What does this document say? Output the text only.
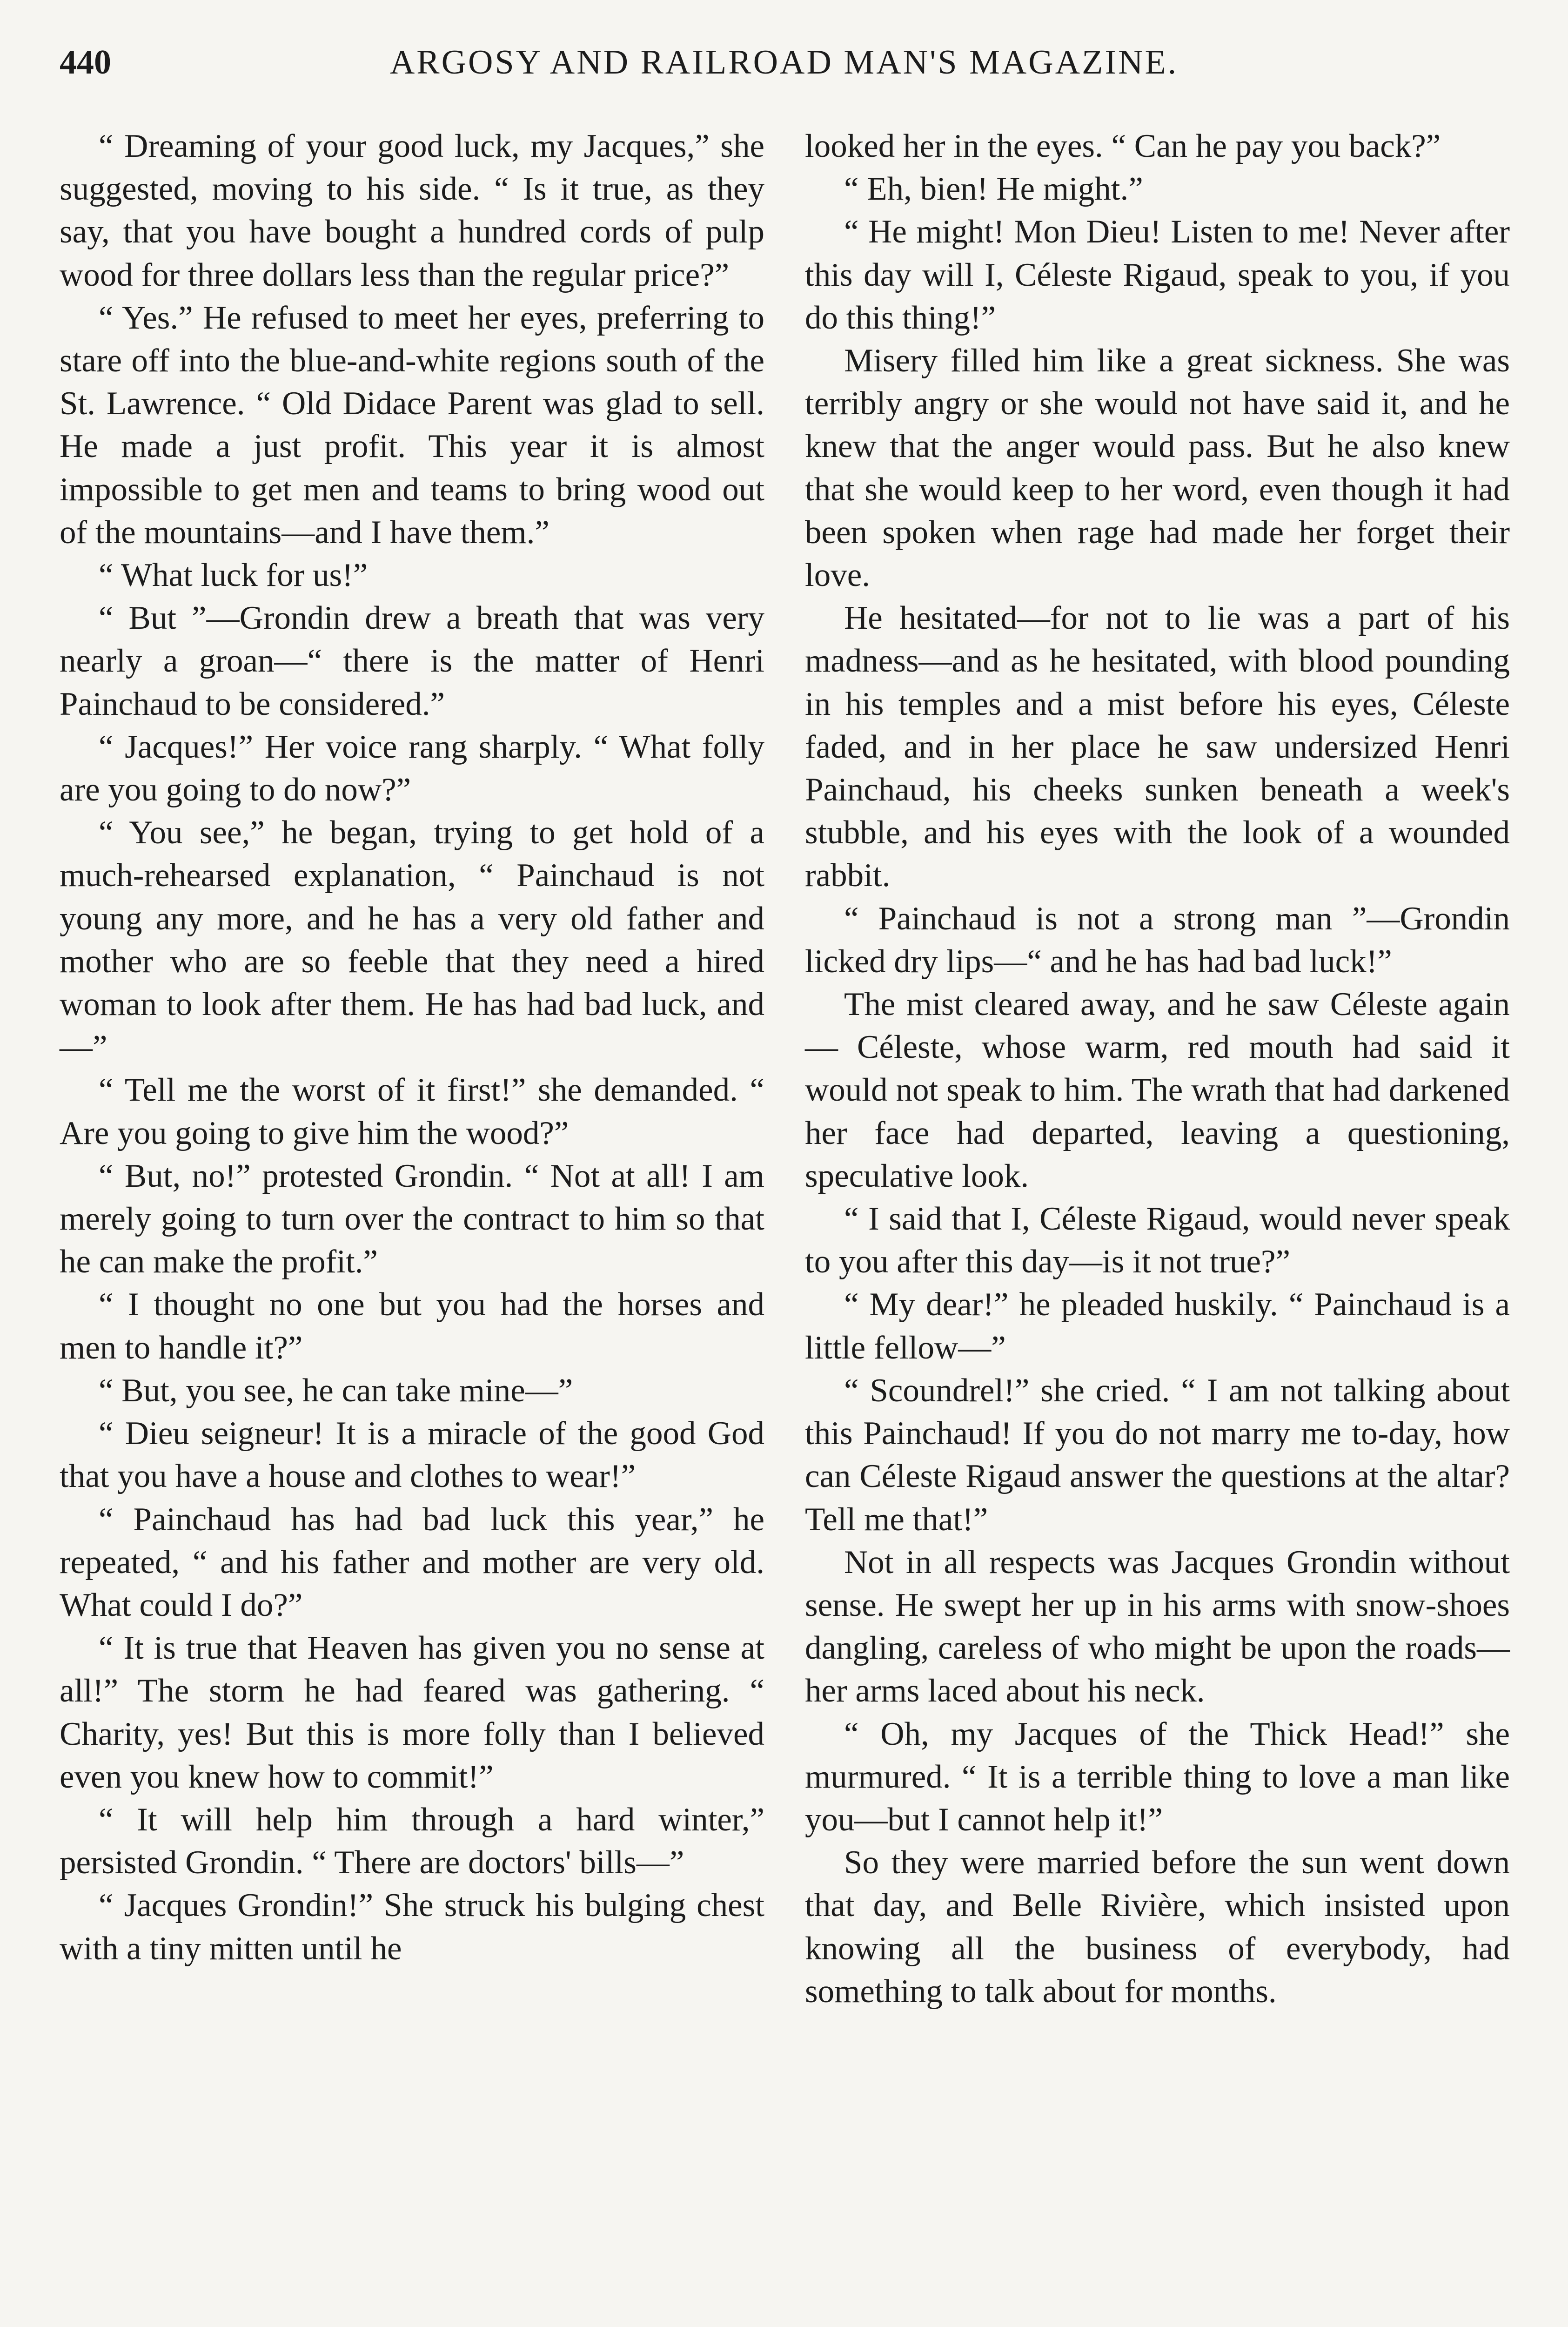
440	ARGOSY AND RAILROAD MAN'S MAGAZINE.

“ Dreaming of your good luck, my Jacques,” she suggested, moving to his side. “ Is it true, as they say, that you have bought a hundred cords of pulp wood for three dollars less than the regular price?”

“ Yes.” He refused to meet her eyes, preferring to stare off into the blue-and-white regions south of the St. Lawrence. “ Old Didace Parent was glad to sell. He made a just profit. This year it is almost impossible to get men and teams to bring wood out of the mountains—and I have them.”

“ What luck for us!”

“ But ”—Grondin drew a breath that was very nearly a groan—“ there is the matter of Henri Painchaud to be considered.”

“ Jacques!” Her voice rang sharply. “ What folly are you going to do now?”

“ You see,” he began, trying to get hold of a much-rehearsed explanation, “ Painchaud is not young any more, and he has a very old father and mother who are so feeble that they need a hired woman to look after them. He has had bad luck, and—”

“ Tell me the worst of it first!” she demanded. “ Are you going to give him the wood?”

“ But, no!” protested Grondin. “ Not at all! I am merely going to turn over the contract to him so that he can make the profit.”

“ I thought no one but you had the horses and men to handle it?”

“ But, you see, he can take mine—”

“ Dieu seigneur! It is a miracle of the good God that you have a house and clothes to wear!”

“ Painchaud has had bad luck this year,” he repeated, “ and his father and mother are very old. What could I do?”

“ It is true that Heaven has given you no sense at all!” The storm he had feared was gathering. “ Charity, yes! But this is more folly than I believed even you knew how to commit!”

“ It will help him through a hard winter,” persisted Grondin. “ There are doctors' bills—”

“ Jacques Grondin!” She struck his bulging chest with a tiny mitten until he

looked her in the eyes. “ Can he pay you back?”

“ Eh, bien! He might.”

“ He might! Mon Dieu! Listen to me! Never after this day will I, Céleste Rigaud, speak to you, if you do this thing!”

Misery filled him like a great sickness. She was terribly angry or she would not have said it, and he knew that the anger would pass. But he also knew that she would keep to her word, even though it had been spoken when rage had made her forget their love.

He hesitated—for not to lie was a part of his madness—and as he hesitated, with blood pounding in his temples and a mist before his eyes, Céleste faded, and in her place he saw undersized Henri Painchaud, his cheeks sunken beneath a week's stubble, and his eyes with the look of a wounded rabbit.

“ Painchaud is not a strong man ”—Grondin licked dry lips—“ and he has had bad luck!”

The mist cleared away, and he saw Céleste again — Céleste, whose warm, red mouth had said it would not speak to him. The wrath that had darkened her face had departed, leaving a questioning, speculative look.

“ I said that I, Céleste Rigaud, would never speak to you after this day—is it not true?”

“ My dear!” he pleaded huskily. “ Painchaud is a little fellow—”

“ Scoundrel!” she cried. “ I am not talking about this Painchaud! If you do not marry me to-day, how can Céleste Rigaud answer the questions at the altar? Tell me that!”

Not in all respects was Jacques Grondin without sense. He swept her up in his arms with snow-shoes dangling, careless of who might be upon the roads—her arms laced about his neck.

“ Oh, my Jacques of the Thick Head!” she murmured. “ It is a terrible thing to love a man like you—but I cannot help it!”

So they were married before the sun went down that day, and Belle Rivière, which insisted upon knowing all the business of everybody, had something to talk about for months.
